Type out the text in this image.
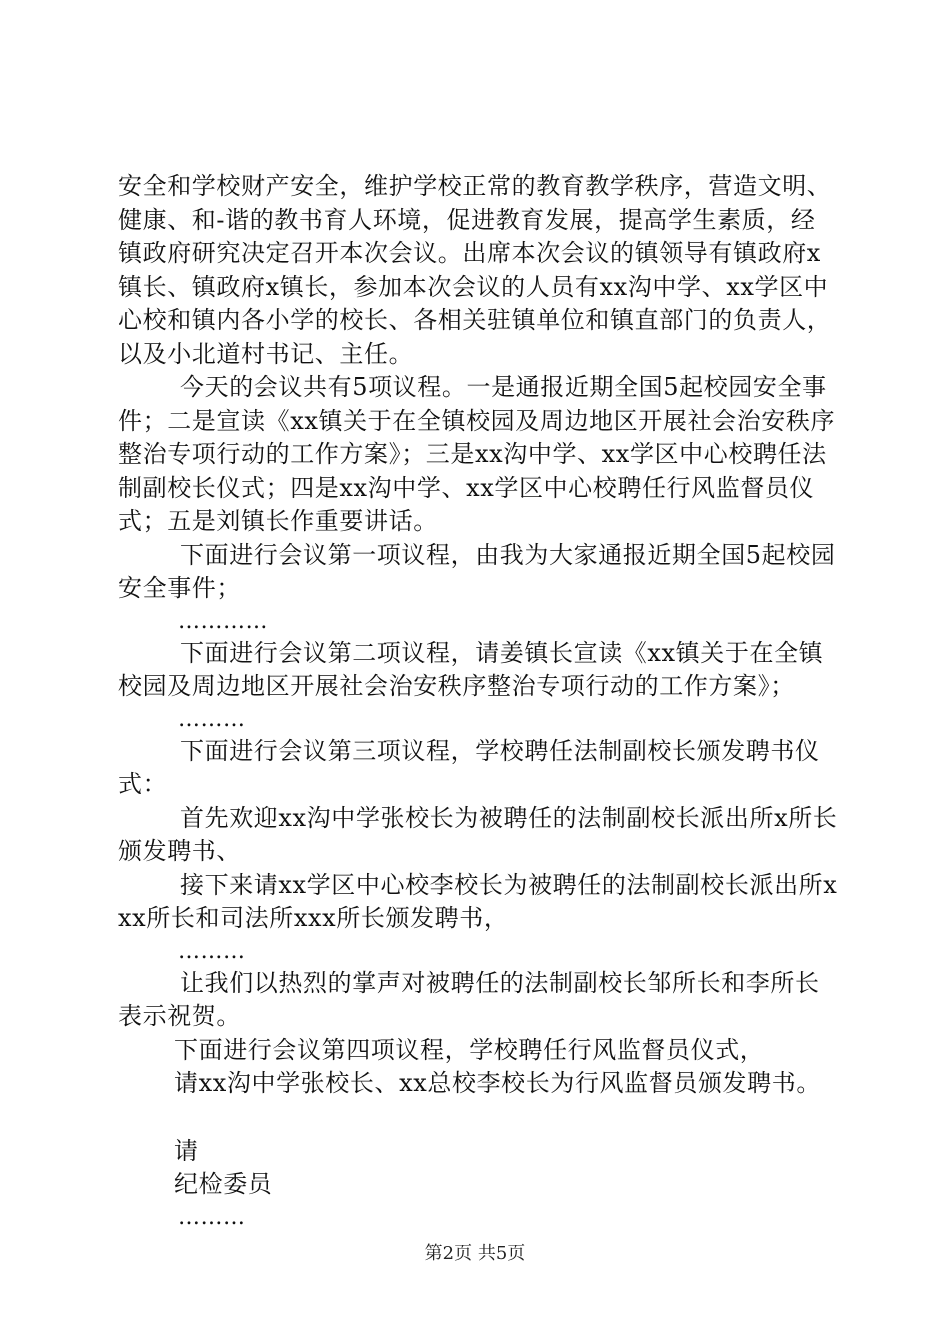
安全和学校财产安全，维护学校正常的教育教学秩序，营造文明、健康、和-谐的教书育人环境，促进教育发展，提高学生素质，经镇政府研究决定召开本次会议。出席本次会议的镇领导有镇政府x镇长、镇政府x镇长，参加本次会议的人员有xx沟中学、xx学区中心校和镇内各小学的校长、各相关驻镇单位和镇直部门的负责人，以及小北道村书记、主任。

今天的会议共有5项议程。一是通报近期全国5起校园安全事件；二是宣读《xx镇关于在全镇校园及周边地区开展社会治安秩序整治专项行动的工作方案》；三是xx沟中学、xx学区中心校聘任法制副校长仪式；四是xx沟中学、xx学区中心校聘任行风监督员仪式；五是刘镇长作重要讲话。

下面进行会议第一项议程，由我为大家通报近期全国5起校园安全事件；

…………

下面进行会议第二项议程，请姜镇长宣读《xx镇关于在全镇校园及周边地区开展社会治安秩序整治专项行动的工作方案》；

………

下面进行会议第三项议程，学校聘任法制副校长颁发聘书仪式：

首先欢迎xx沟中学张校长为被聘任的法制副校长派出所x所长颁发聘书、

接下来请xx学区中心校李校长为被聘任的法制副校长派出所xxx所长和司法所xxx所长颁发聘书，

………

让我们以热烈的掌声对被聘任的法制副校长邹所长和李所长表示祝贺。

下面进行会议第四项议程，学校聘任行风监督员仪式，

请xx沟中学张校长、xx总校李校长为行风监督员颁发聘书。

请

纪检委员

………

第2页 共5页
